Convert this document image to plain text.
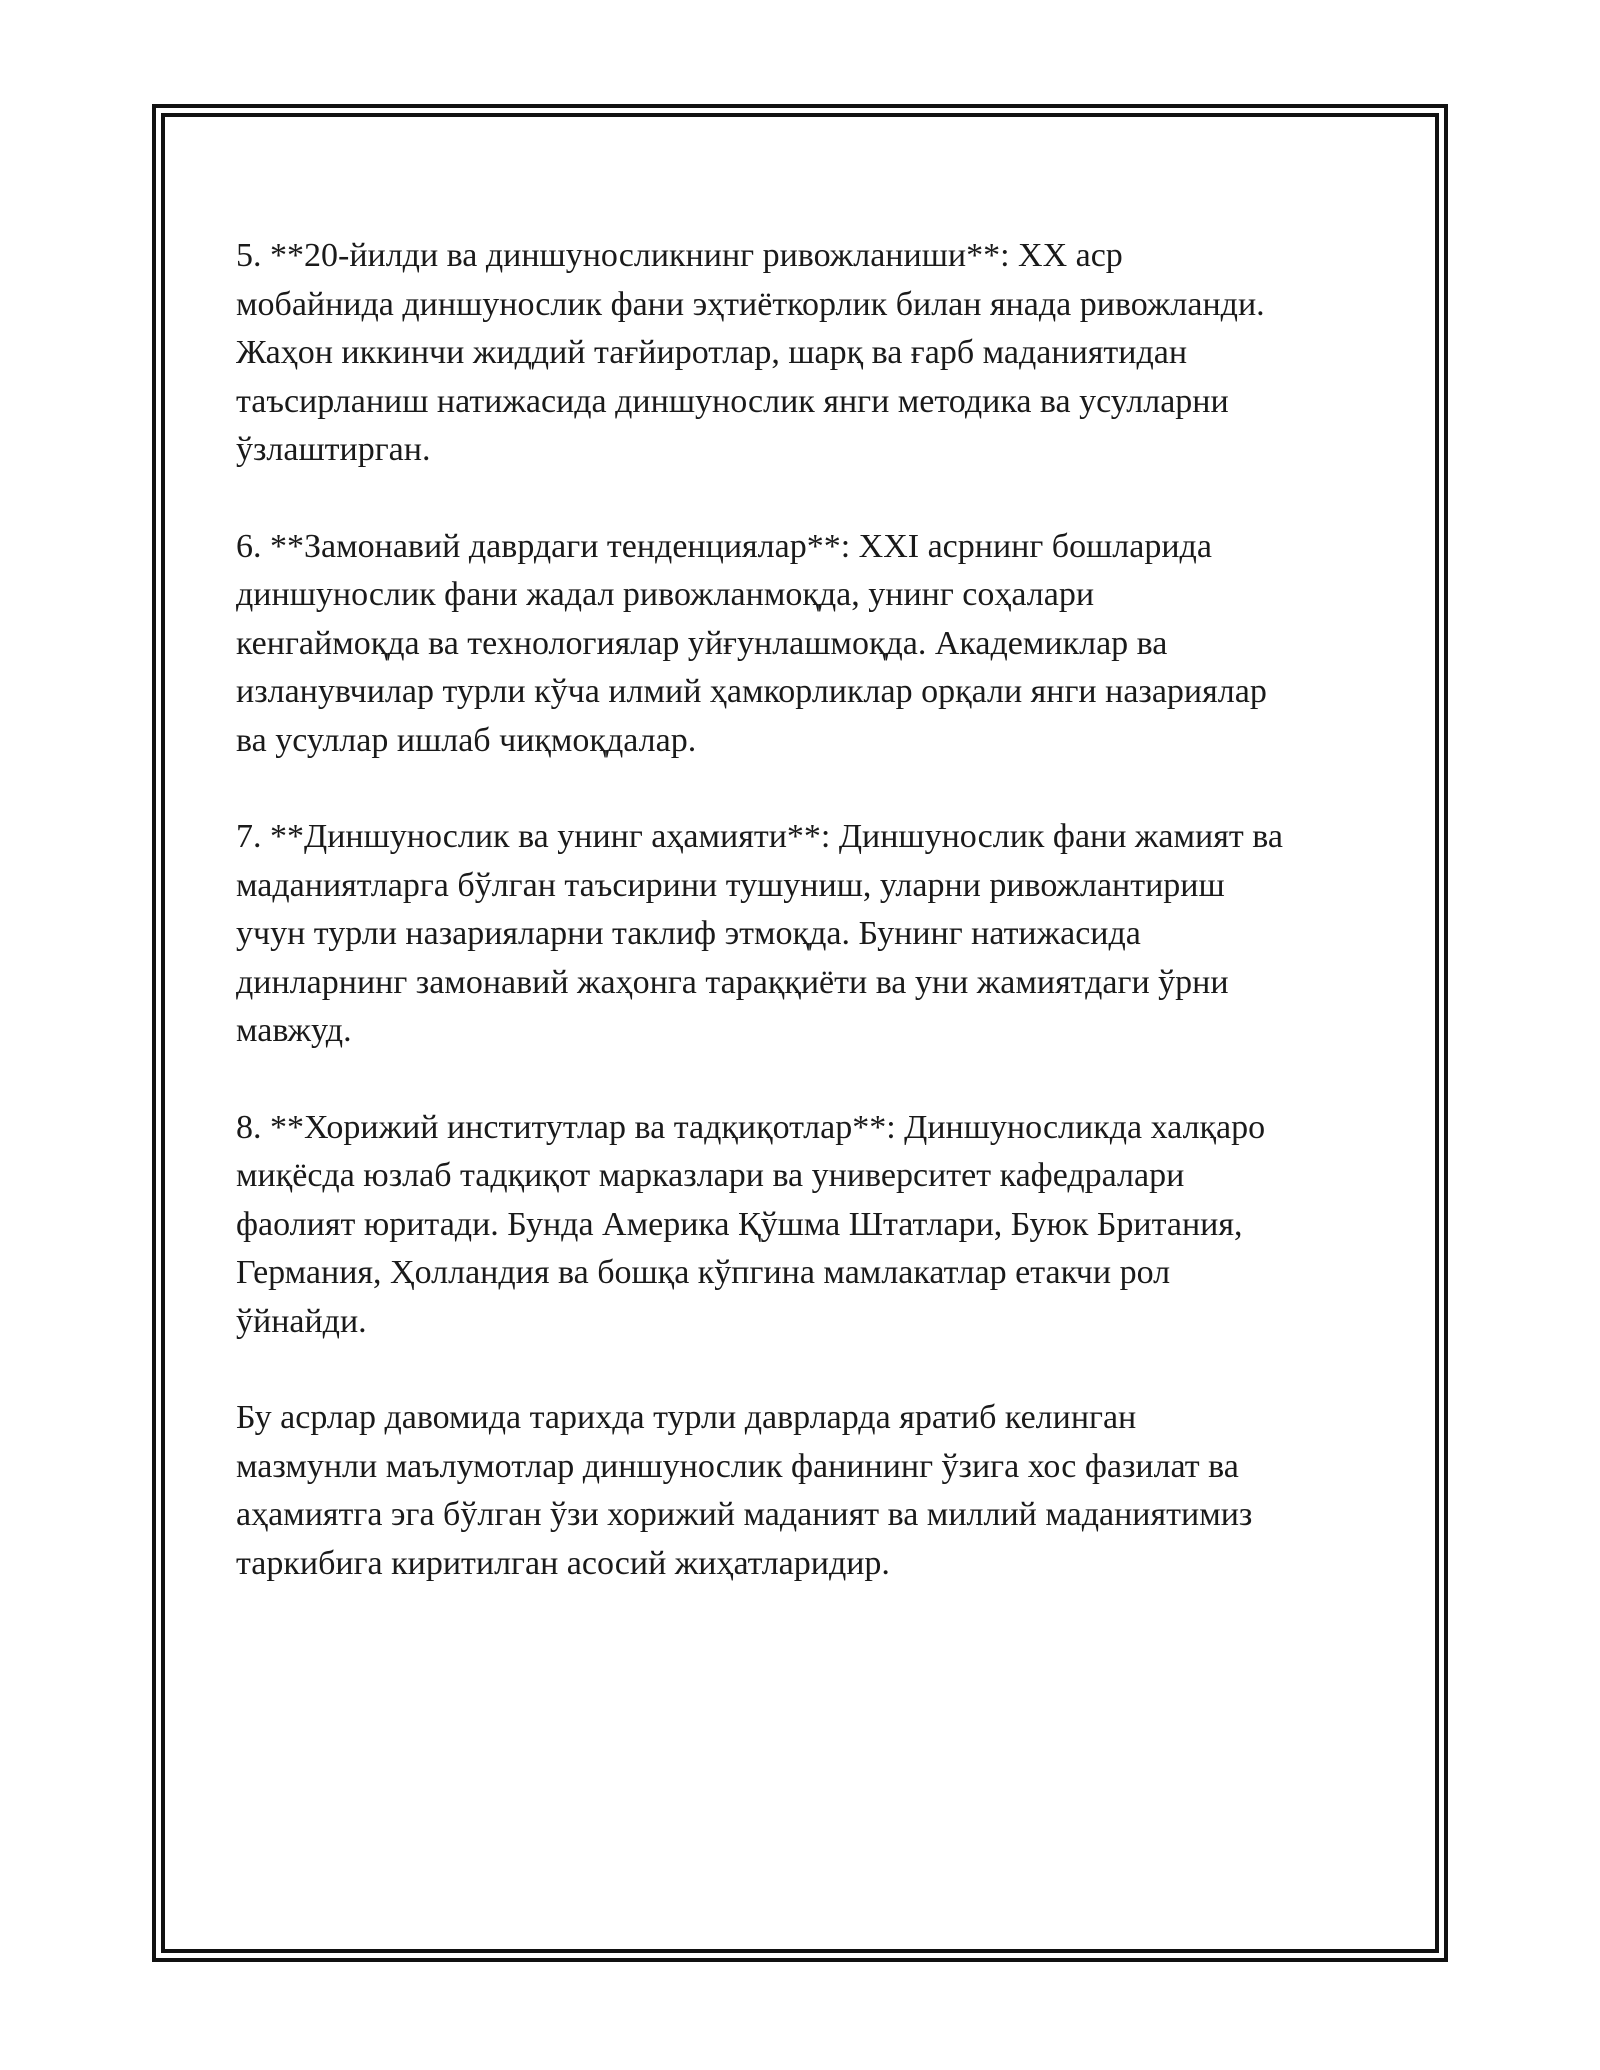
5. **20-йилди ва диншуносликнинг ривожланиши**: XX аср
мобайнида диншунослик фани эҳтиёткорлик билан янада ривожланди.
Жаҳон иккинчи жиддий тағйиротлар, шарқ ва ғарб маданиятидан
таъсирланиш натижасида диншунослик янги методика ва усулларни
ўзлаштирган.

6. **Замонавий даврдаги тенденциялар**: XXI асрнинг бошларида
диншунослик фани жадал ривожланмоқда, унинг соҳалари
кенгаймоқда ва технологиялар уйғунлашмоқда. Академиклар ва
изланувчилар турли кўча илмий ҳамкорликлар орқали янги назариялар
ва усуллар ишлаб чиқмоқдалар.

7. **Диншунослик ва унинг аҳамияти**: Диншунослик фани жамият ва
маданиятларга бўлган таъсирини тушуниш, уларни ривожлантириш
учун турли назарияларни таклиф этмоқда. Бунинг натижасида
динларнинг замонавий жаҳонга тараққиёти ва уни жамиятдаги ўрни
мавжуд.

8. **Хорижий институтлар ва тадқиқотлар**: Диншуносликда халқаро
миқёсда юзлаб тадқиқот марказлари ва университет кафедралари
фаолият юритади. Бунда Америка Қўшма Штатлари, Буюк Британия,
Германия, Ҳолландия ва бошқа кўпгина мамлакатлар етакчи рол
ўйнайди.

Бу асрлар давомида тарихда турли даврларда яратиб келинган
мазмунли маълумотлар диншунослик фанининг ўзига хос фазилат ва
аҳамиятга эга бўлган ўзи хорижий маданият ва миллий маданиятимиз
таркибига киритилган асосий жиҳатларидир.
